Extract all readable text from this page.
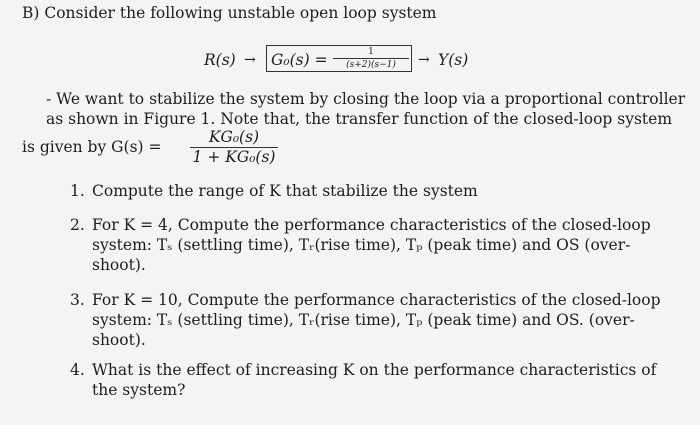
B) Consider the following unstable open loop system
R(s) → G₀(s) =	1
(s+2)(s−1)	→ Y(s)
- We want to stabilize the system by closing the loop via a proportional controller
as shown in Figure 1. Note that, the transfer function of the closed-loop system
is given by G(s) =
KG₀(s)
1 + KG₀(s)
1. Compute the range of K that stabilize the system
2. For K = 4, Compute the performance characteristics of the closed-loop
system: Tₛ (settling time), Tᵣ(rise time), Tₚ (peak time) and OS (over-
shoot).
3. For K = 10, Compute the performance characteristics of the closed-loop
system: Tₛ (settling time), Tᵣ(rise time), Tₚ (peak time) and OS. (over-
shoot).
4. What is the effect of increasing K on the performance characteristics of
the system?
